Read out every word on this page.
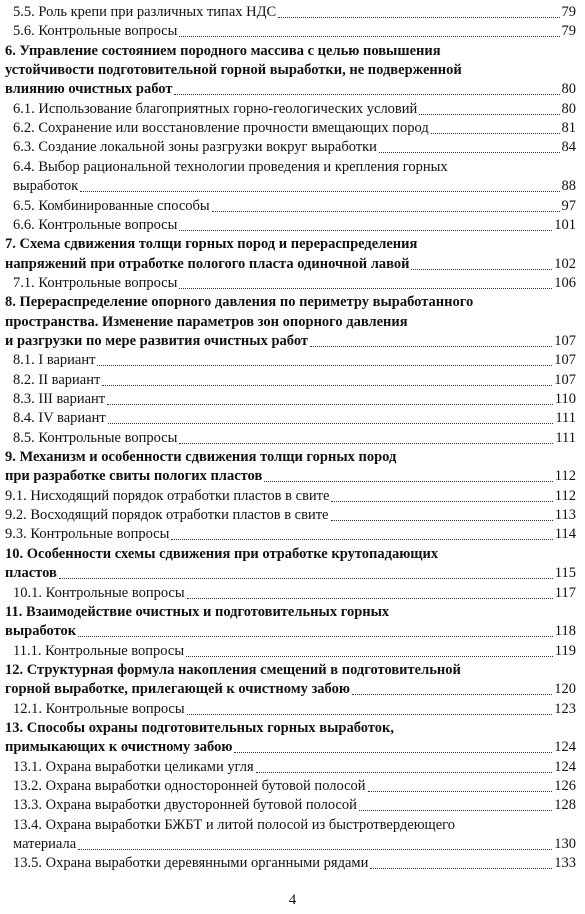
5.5. Роль крепи при различных типах НДС	79
5.6. Контрольные вопросы	79
6. Управление состоянием породного массива с целью повышения
устойчивости подготовительной горной выработки, не подверженной
влиянию очистных работ	80
6.1. Использование благоприятных горно-геологических условий	80
6.2. Сохранение или восстановление прочности вмещающих пород	81
6.3. Создание локальной зоны разгрузки вокруг выработки	84
6.4. Выбор рациональной технологии проведения и крепления горных
выработок	88
6.5. Комбинированные способы	97
6.6. Контрольные вопросы	101
7. Схема сдвижения толщи горных пород и перераспределения
напряжений при отработке пологого пласта одиночной лавой	102
7.1. Контрольные вопросы	106
8. Перераспределение опорного давления по периметру выработанного
пространства. Изменение параметров зон опорного давления
и разгрузки по мере развития очистных работ	107
8.1. I вариант	107
8.2. II вариант	107
8.3. III вариант	110
8.4. IV вариант	111
8.5. Контрольные вопросы	111
9. Механизм и особенности сдвижения толщи горных пород
при разработке свиты пологих пластов	112
9.1. Нисходящий порядок отработки пластов в свите	112
9.2. Восходящий порядок отработки пластов в свите	113
9.3. Контрольные вопросы	114
10. Особенности схемы сдвижения при отработке крутопадающих
пластов	115
10.1. Контрольные вопросы	117
11. Взаимодействие очистных и подготовительных горных
выработок	118
11.1. Контрольные вопросы	119
12. Структурная формула накопления смещений в подготовительной
горной выработке, прилегающей к очистному забою	120
12.1. Контрольные вопросы	123
13. Способы охраны подготовительных горных выработок,
примыкающих к очистному забою	124
13.1. Охрана выработки целиками угля	124
13.2. Охрана выработки односторонней бутовой полосой	126
13.3. Охрана выработки двусторонней бутовой полосой	128
13.4. Охрана выработки БЖБТ и литой полосой из быстротвердеющего
материала	130
13.5. Охрана выработки деревянными органными рядами	133
4
